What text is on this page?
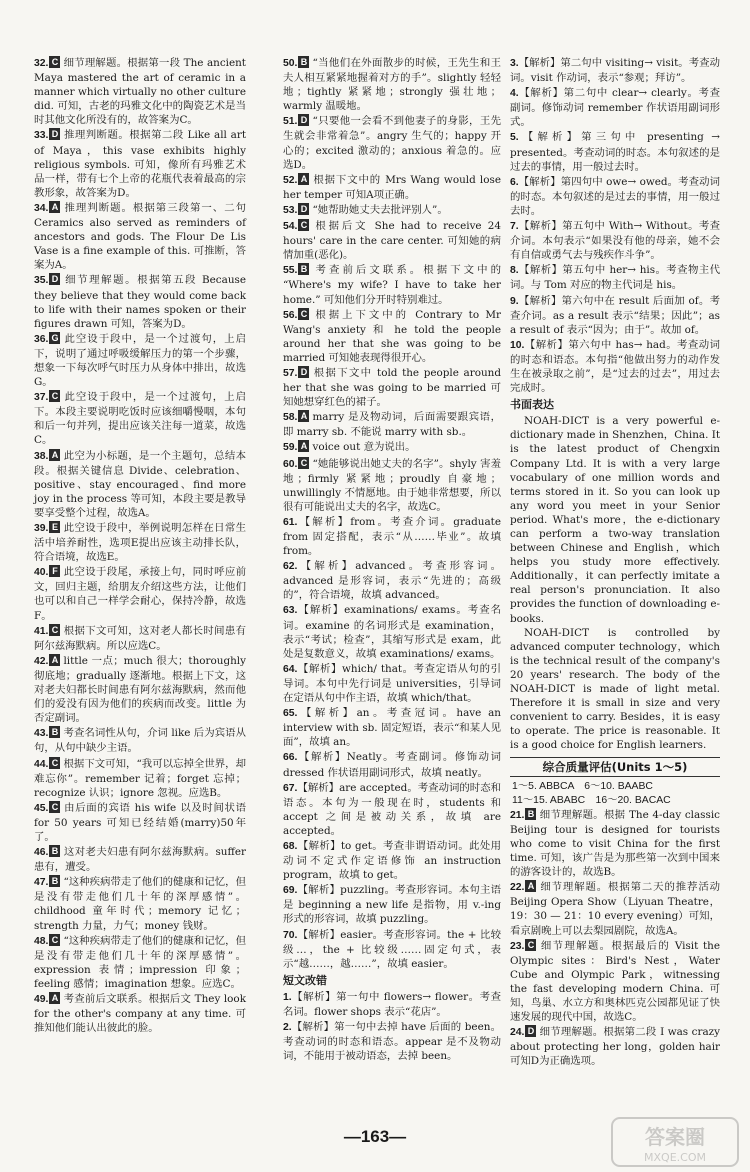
32. C 细节理解题。根据第一段 The ancient Maya mastered the art of ceramic in a manner which virtually no other culture did. 可知，古老的玛雅文化中的陶瓷艺术是当时其他文化所没有的，故答案为C。
33. D 推理判断题。根据第二段 Like all art of Maya，this vase exhibits highly religious symbols. 可知，像所有玛雅艺术品一样，带有七个上帝的花瓶代表着最高的宗教形象，故答案为D。
34. A 推理判断题。根据第三段第一、二句 Ceramics also served as reminders of ancestors and gods. The Flour De Lis Vase is a fine example of this. 可推断，答案为A。
35. D 细节理解题。根据第五段 Because they believe that they would come back to life with their names spoken or their figures drawn 可知，答案为D。
36. G 此空设于段中，是一个过渡句，上启下，说明了通过呼吸缓解压力的第一个步骤，想象一下每次呼气时压力从身体中排出，故选G。
37. C 此空设于段中，是一个过渡句，上启下。本段主要说明吃饭时应该细嚼慢咽，本句和后一句并列，提出应该关注每一道菜，故选C。
38. A 此空为小标题，是一个主题句，总结本段。根据关键信息 Divide、celebration、positive、stay encouraged、find more joy in the process 等可知，本段主要是教导要享受整个过程，故选A。
39. E 此空设于段中，举例说明怎样在日常生活中培养耐性，选项E提出应该主动排长队，符合语境，故选E。
40. F 此空设于段尾，承接上句，同时呼应前文，回归主题，给朋友介绍这些方法，让他们也可以和自己一样学会耐心，保持冷静，故选F。
41. C 根据下文可知，这对老人都长时间患有阿尔兹海默病。所以应选C。
42. A little 一点；much 很大；thoroughly 彻底地；gradually 逐渐地。根据上下文，这对老夫妇都长时间患有阿尔兹海默病，然而他们的爱没有因为他们的疾病而改变。little 为否定副词。
43. B 考查名词性从句，介词 like 后为宾语从句，从句中缺少主语。
44. C 根据下文可知，“我可以忘掉全世界，却难忘你”。remember 记着；forget 忘掉；recognize 认识；ignore 忽视。应选B。
45. C 由后面的宾语 his wife 以及时间状语 for 50 years 可知已经结婚(marry)50年了。
46. B 这对老夫妇患有阿尔兹海默病。suffer 患有，遭受。
47. B “这种疾病带走了他们的健康和记忆，但是没有带走他们几十年的深厚感情”。childhood 童年时代；memory 记忆；strength 力量，力气；money 钱财。
48. C “这种疾病带走了他们的健康和记忆，但是没有带走他们几十年的深厚感情”。expression 表情；impression 印象；feeling 感情；imagination 想象。应选C。
49. A 考查前后文联系。根据后文 They look for the other's company at any time. 可推知他们能认出彼此的脸。
50. B “当他们在外面散步的时候，王先生和王夫人相互紧紧地握着对方的手”。slightly 轻轻地；tightly 紧紧地；strongly 强壮地；warmly 温暖地。
51. D “只要他一会看不到他妻子的身影，王先生就会非常着急”。angry 生气的；happy 开心的；excited 激动的；anxious 着急的。应选D。
52. A 根据下文中的 Mrs Wang would lose her temper 可知A项正确。
53. D “她帮助她丈夫去批评别人”。
54. C 根据后文 She had to receive 24 hours' care in the care center. 可知她的病情加重(恶化)。
55. B 考查前后文联系。根据下文中的 “Where's my wife? I have to take her home.” 可知他们分开时特别难过。
56. C 根据上下文中的 Contrary to Mr Wang's anxiety 和 he told the people around her that she was going to be married 可知她表现得很开心。
57. D 根据下文中 told the people around her that she was going to be married 可知她想穿红色的裙子。
58. A marry 是及物动词，后面需要跟宾语，即 marry sb. 不能说 marry with sb.。
59. A voice out 意为说出。
60. C “她能够说出她丈夫的名字”。shyly 害羞地；firmly 紧紧地；proudly 自豪地；unwillingly 不情愿地。由于她非常想要，所以很有可能说出丈夫的名字，故选C。
61.【解析】from。考查介词。graduate from 固定搭配，表示“从……毕业”。故填 from。
62.【解析】advanced。考查形容词。advanced 是形容词，表示“先进的；高级的”，符合语境，故填 advanced。
63.【解析】examinations/ exams。考查名词。examine 的名词形式是 examination，表示“考试；检查”，其缩写形式是 exam，此处是复数意义，故填 examinations/ exams。
64.【解析】which/ that。考查定语从句的引导词。本句中先行词是 universities，引导词在定语从句中作主语，故填 which/that。
65.【解析】an。考查冠词。have an interview with sb. 固定短语，表示“和某人见面”，故填 an。
66.【解析】Neatly。考查副词。修饰动词 dressed 作状语用副词形式，故填 neatly。
67.【解析】are accepted。考查动词的时态和语态。本句为一般现在时，students 和 accept 之间是被动关系，故填 are accepted。
68.【解析】to get。考查非谓语动词。此处用动词不定式作定语修饰 an instruction program，故填 to get。
69.【解析】puzzling。考查形容词。本句主语是 beginning a new life 是指物，用 v.-ing 形式的形容词，故填 puzzling。
70.【解析】easier。考查形容词。the + 比较级…，the + 比较级……固定句式，表示“越……，越……”，故填 easier。
短文改错
1.【解析】第一句中 flowers→ flower。考查名词。flower shops 表示“花店”。
2.【解析】第一句中去掉 have 后面的 been。考查动词的时态和语态。appear 是不及物动词，不能用于被动语态，去掉 been。
3.【解析】第二句中 visiting→ visit。考查动词。visit 作动词，表示“参观；拜访”。
4.【解析】第二句中 clear→ clearly。考查副词。修饰动词 remember 作状语用副词形式。
5.【解析】第三句中 presenting → presented。考查动词的时态。本句叙述的是过去的事情，用一般过去时。
6.【解析】第四句中 owe→ owed。考查动词的时态。本句叙述的是过去的事情，用一般过去时。
7.【解析】第五句中 With→ Without。考查介词。本句表示“如果没有他的母亲，她不会有自信或勇气去与残疾作斗争”。
8.【解析】第五句中 her→ his。考查物主代词。与 Tom 对应的物主代词是 his。
9.【解析】第六句中在 result 后面加 of。考查介词。as a result 表示“结果；因此”；as a result of 表示“因为；由于”。故加 of。
10.【解析】第六句中 has→ had。考查动词的时态和语态。本句指“他做出努力的动作发生在被录取之前”，是“过去的过去”，用过去完成时。
书面表达

NOAH-DICT is a very powerful e-dictionary made in Shenzhen，China. It is the latest product of Chengxin Company Ltd. It is with a very large vocabulary of one million words and terms stored in it. So you can look up any word you meet in your Senior period. What's more，the e-dictionary can perform a two-way translation between Chinese and English，which helps you study more effectively. Additionally，it can perfectly imitate a real person's pronunciation. It also provides the function of downloading e-books.

NOAH-DICT is controlled by advanced computer technology，which is the technical result of the company's 20 years' research. The body of the NOAH-DICT is made of light metal. Therefore it is small in size and very convenient to carry. Besides，it is easy to operate. The price is reasonable. It is a good choice for English learners.

综合质量评估(Units 1～5)
1～5. ABBCA　6～10. BAABC
11～15. ABABC　16～20. BACAC
21. B 细节理解题。根据 The 4-day classic Beijing tour is designed for tourists who come to visit China for the first time. 可知，该广告是为那些第一次到中国来的游客设计的，故选B。
22. A 细节理解题。根据第二天的推荐活动 Beijing Opera Show（Liyuan Theatre，19：30 — 21：10 every evening）可知，看京剧晚上可以去梨园剧院，故选A。
23. C 细节理解题。根据最后的 Visit the Olympic sites：Bird's Nest，Water Cube and Olympic Park，witnessing the fast developing modern China. 可知，鸟巢、水立方和奥林匹克公园都见证了快速发展的现代中国，故选C。
24. D 细节理解题。根据第二段 I was crazy about protecting her long，golden hair 可知D为正确选项。
—163—	答案圈
MXQE.COM
